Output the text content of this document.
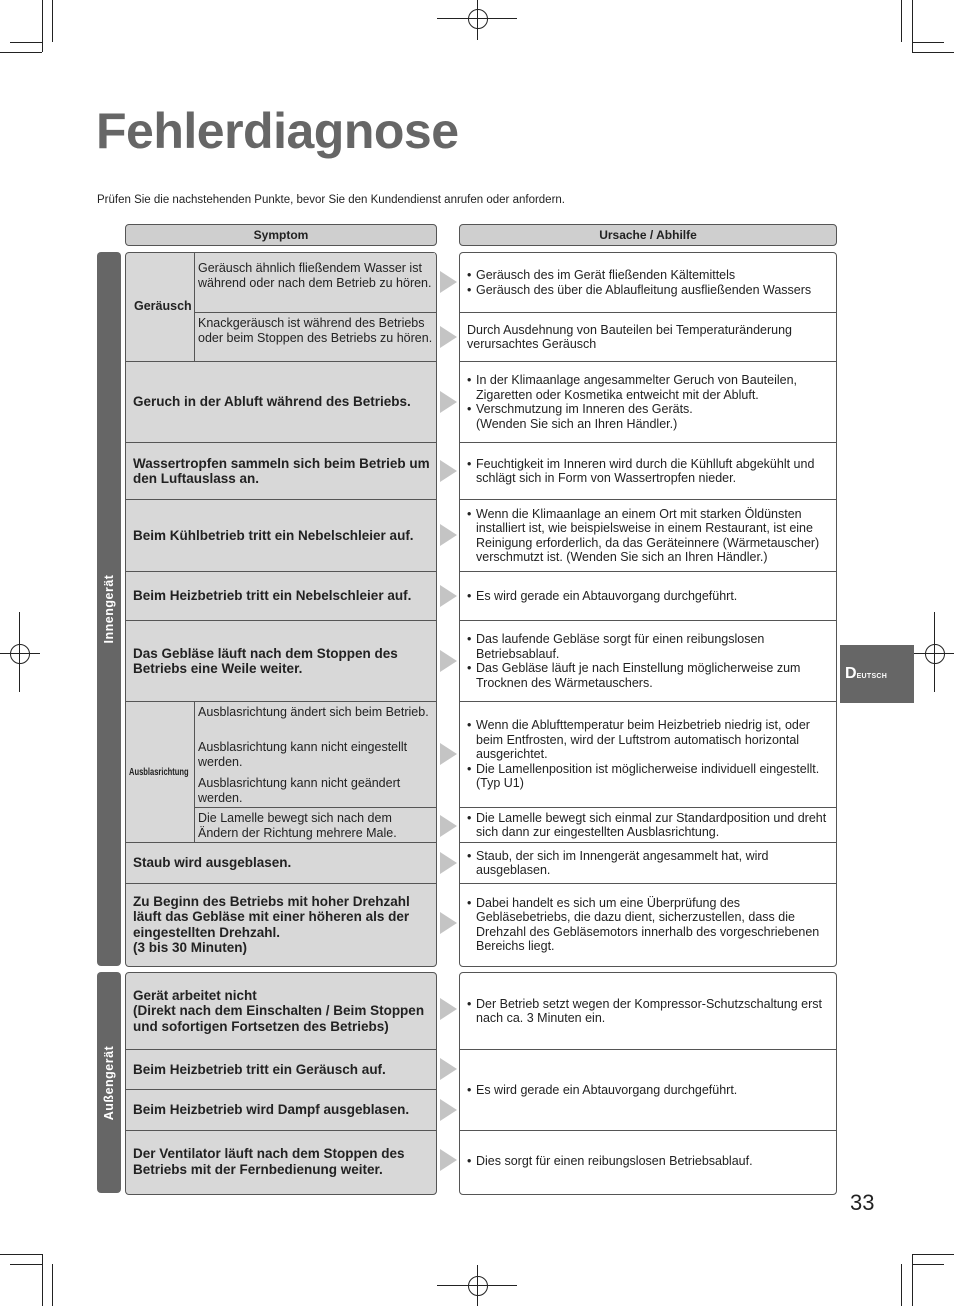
Fehlerdiagnose
Prüfen Sie die nachstehenden Punkte, bevor Sie den Kundendienst anrufen oder anfordern.
Symptom	Ursache / Abhilfe
Innengerät
Außengerät
Geräusch
Ausblasrichtung
Geräusch ähnlich fließendem Wasser ist während oder nach dem Betrieb zu hören.
Knackgeräusch ist während des Betriebs oder beim Stoppen des Betriebs zu hören.
Geruch in der Abluft während des Betriebs.
Wassertropfen sammeln sich beim Betrieb um den Luftauslass an.
Beim Kühlbetrieb tritt ein Nebelschleier auf.
Beim Heizbetrieb tritt ein Nebelschleier auf.
Das Gebläse läuft nach dem Stoppen des Betriebs eine Weile weiter.
Ausblasrichtung ändert sich beim Betrieb.
Ausblasrichtung kann nicht eingestellt werden.
Ausblasrichtung kann nicht geändert werden.
Die Lamelle bewegt sich nach dem Ändern der Richtung mehrere Male.
Staub wird ausgeblasen.
Zu Beginn des Betriebs mit hoher Drehzahl läuft das Gebläse mit einer höheren als der eingestellten Drehzahl.
(3 bis 30 Minuten)
Gerät arbeitet nicht
(Direkt nach dem Einschalten / Beim Stoppen und sofortigen Fortsetzen des Betriebs)
Beim Heizbetrieb tritt ein Geräusch auf.
Beim Heizbetrieb wird Dampf ausgeblasen.
Der Ventilator läuft nach dem Stoppen des Betriebs mit der Fernbedienung weiter.
• Geräusch des im Gerät fließenden Kältemittels
• Geräusch des über die Ablaufleitung ausfließenden Wassers
Durch Ausdehnung von Bauteilen bei Temperaturänderung verursachtes Geräusch
• In der Klimaanlage angesammelter Geruch von Bauteilen, Zigaretten oder Kosmetika entweicht mit der Abluft.
• Verschmutzung im Inneren des Geräts. (Wenden Sie sich an Ihren Händler.)
• Feuchtigkeit im Inneren wird durch die Kühlluft abgekühlt und schlägt sich in Form von Wassertropfen nieder.
• Wenn die Klimaanlage an einem Ort mit starken Öldünsten installiert ist, wie beispielsweise in einem Restaurant, ist eine Reinigung erforderlich, da das Geräteinnere (Wärmetauscher) verschmutzt ist. (Wenden Sie sich an Ihren Händler.)
• Es wird gerade ein Abtauvorgang durchgeführt.
• Das laufende Gebläse sorgt für einen reibungslosen Betriebsablauf.
• Das Gebläse läuft je nach Einstellung möglicherweise zum Trocknen des Wärmetauschers.
• Wenn die Ablufttemperatur beim Heizbetrieb niedrig ist, oder beim Entfrosten, wird der Luftstrom automatisch horizontal ausgerichtet.
• Die Lamellenposition ist möglicherweise individuell eingestellt. (Typ U1)
• Die Lamelle bewegt sich einmal zur Standardposition und dreht sich dann zur eingestellten Ausblasrichtung.
• Staub, der sich im Innengerät angesammelt hat, wird ausgeblasen.
• Dabei handelt es sich um eine Überprüfung des Gebläsebetriebs, die dazu dient, sicherzustellen, dass die Drehzahl des Gebläsemotors innerhalb des vorgeschriebenen Bereichs liegt.
• Der Betrieb setzt wegen der Kompressor-Schutzschaltung erst nach ca. 3 Minuten ein.
• Es wird gerade ein Abtauvorgang durchgeführt.
• Dies sorgt für einen reibungslosen Betriebsablauf.
DEUTSCH
33
